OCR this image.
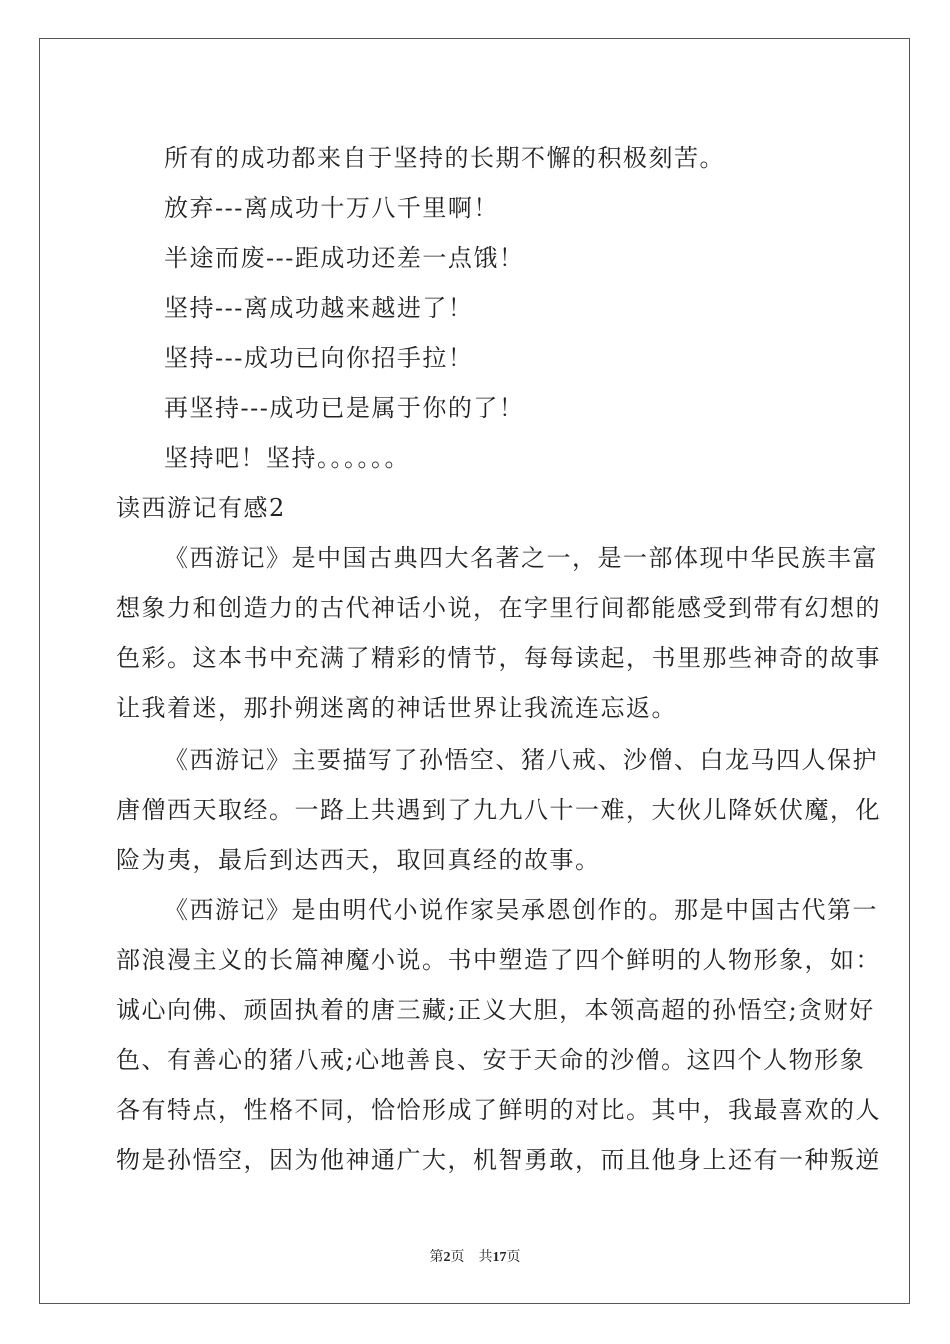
所有的成功都来自于坚持的长期不懈的积极刻苦。
放弃---离成功十万八千里啊！
半途而废---距成功还差一点饿！
坚持---离成功越来越进了！
坚持---成功已向你招手拉！
再坚持---成功已是属于你的了！
坚持吧！坚持。。。。。。
读西游记有感2
《西游记》是中国古典四大名著之一，是一部体现中华民族丰富
想象力和创造力的古代神话小说，在字里行间都能感受到带有幻想的
色彩。这本书中充满了精彩的情节，每每读起，书里那些神奇的故事
让我着迷，那扑朔迷离的神话世界让我流连忘返。
《西游记》主要描写了孙悟空、猪八戒、沙僧、白龙马四人保护
唐僧西天取经。一路上共遇到了九九八十一难，大伙儿降妖伏魔，化
险为夷，最后到达西天，取回真经的故事。
《西游记》是由明代小说作家吴承恩创作的。那是中国古代第一
部浪漫主义的长篇神魔小说。书中塑造了四个鲜明的人物形象，如：
诚心向佛、顽固执着的唐三藏;正义大胆，本领高超的孙悟空;贪财好
色、有善心的猪八戒;心地善良、安于天命的沙僧。这四个人物形象
各有特点，性格不同，恰恰形成了鲜明的对比。其中，我最喜欢的人
物是孙悟空，因为他神通广大，机智勇敢，而且他身上还有一种叛逆
第2页 共17页
